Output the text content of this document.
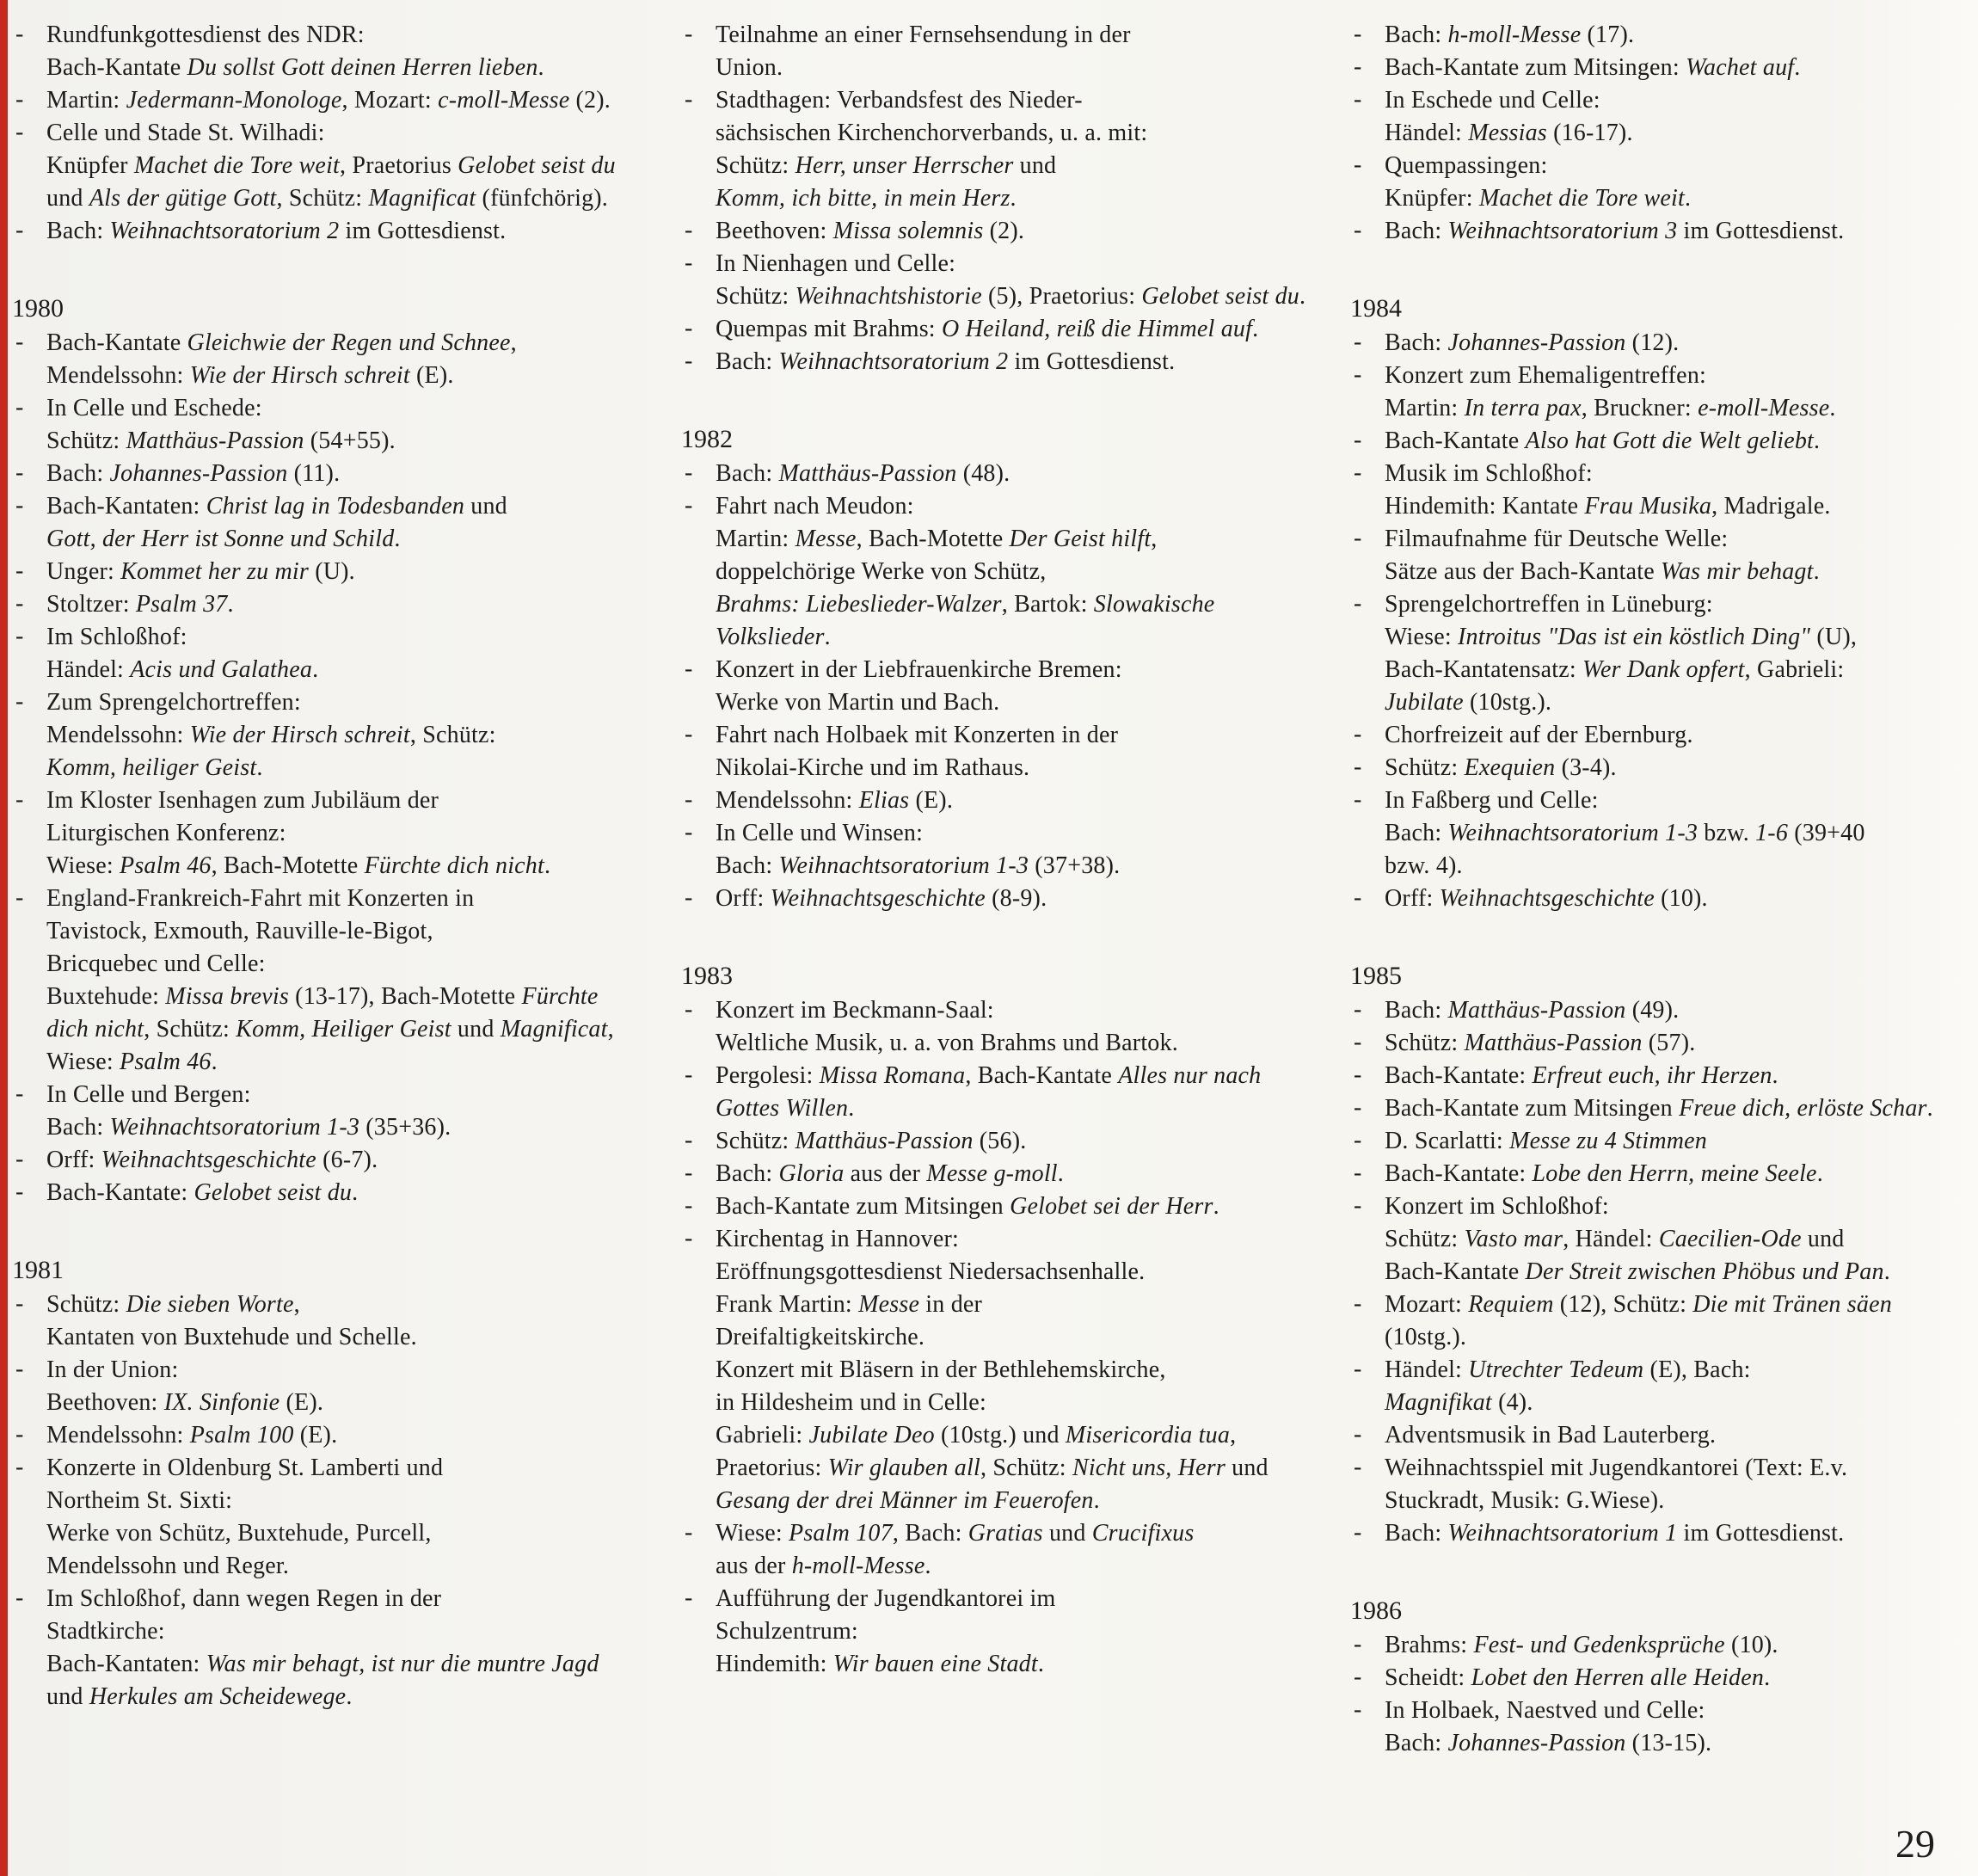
- Rundfunkgottesdienst des NDR:
Bach-Kantate Du sollst Gott deinen Herren lieben.
- Martin: Jedermann-Monologe, Mozart: c-moll-Messe (2).
- Celle und Stade St. Wilhadi:
Knüpfer Machet die Tore weit, Praetorius Gelobet seist du und Als der gütige Gott, Schütz: Magnificat (fünfchörig).
- Bach: Weihnachtsoratorium 2 im Gottesdienst.
1980
- Bach-Kantate Gleichwie der Regen und Schnee, Mendelssohn: Wie der Hirsch schreit (E).
- In Celle und Eschede:
Schütz: Matthäus-Passion (54+55).
- Bach: Johannes-Passion (11).
- Bach-Kantaten: Christ lag in Todesbanden und
Gott, der Herr ist Sonne und Schild.
- Unger: Kommet her zu mir (U).
- Stoltzer: Psalm 37.
- Im Schloßhof:
Händel: Acis und Galathea.
- Zum Sprengelchortreffen:
Mendelssohn: Wie der Hirsch schreit, Schütz:
Komm, heiliger Geist.
- Im Kloster Isenhagen zum Jubiläum der
Liturgischen Konferenz:
Wiese: Psalm 46, Bach-Motette Fürchte dich nicht.
- England-Frankreich-Fahrt mit Konzerten in
Tavistock, Exmouth, Rauville-le-Bigot,
Bricquebec und Celle:
Buxtehude: Missa brevis (13-17), Bach-Motette Fürchte dich nicht, Schütz: Komm, Heiliger Geist und Magnificat, Wiese: Psalm 46.
- In Celle und Bergen:
Bach: Weihnachtsoratorium 1-3 (35+36).
- Orff: Weihnachtsgeschichte (6-7).
- Bach-Kantate: Gelobet seist du.
1981
- Schütz: Die sieben Worte,
Kantaten von Buxtehude und Schelle.
- In der Union:
Beethoven: IX. Sinfonie (E).
- Mendelssohn: Psalm 100 (E).
- Konzerte in Oldenburg St. Lamberti und
Northeim St. Sixti:
Werke von Schütz, Buxtehude, Purcell,
Mendelssohn und Reger.
- Im Schloßhof, dann wegen Regen in der
Stadtkirche:
Bach-Kantaten: Was mir behagt, ist nur die muntre Jagd und Herkules am Scheidewege.
- Teilnahme an einer Fernsehsendung in der
Union.
- Stadthagen: Verbandsfest des Nieder-
sächsischen Kirchenchorverbands, u. a. mit:
Schütz: Herr, unser Herrscher und
Komm, ich bitte, in mein Herz.
- Beethoven: Missa solemnis (2).
- In Nienhagen und Celle:
Schütz: Weihnachtshistorie (5), Praetorius: Gelobet seist du.
- Quempas mit Brahms: O Heiland, reiß die Himmel auf.
- Bach: Weihnachtsoratorium 2 im Gottesdienst.
1982
- Bach: Matthäus-Passion (48).
- Fahrt nach Meudon:
Martin: Messe, Bach-Motette Der Geist hilft,
doppelchörige Werke von Schütz,
Brahms: Liebeslieder-Walzer, Bartok: Slowakische Volkslieder.
- Konzert in der Liebfrauenkirche Bremen:
Werke von Martin und Bach.
- Fahrt nach Holbaek mit Konzerten in der
Nikolai-Kirche und im Rathaus.
- Mendelssohn: Elias (E).
- In Celle und Winsen:
Bach: Weihnachtsoratorium 1-3 (37+38).
- Orff: Weihnachtsgeschichte (8-9).
1983
- Konzert im Beckmann-Saal:
Weltliche Musik, u. a. von Brahms und Bartok.
- Pergolesi: Missa Romana, Bach-Kantate Alles nur nach Gottes Willen.
- Schütz: Matthäus-Passion (56).
- Bach: Gloria aus der Messe g-moll.
- Bach-Kantate zum Mitsingen Gelobet sei der Herr.
- Kirchentag in Hannover:
Eröffnungsgottesdienst Niedersachsenhalle.
Frank Martin: Messe in der
Dreifaltigkeitskirche.
Konzert mit Bläsern in der Bethlehemskirche,
in Hildesheim und in Celle:
Gabrieli: Jubilate Deo (10stg.) und Misericordia tua, Praetorius: Wir glauben all, Schütz: Nicht uns, Herr und Gesang der drei Männer im Feuerofen.
- Wiese: Psalm 107, Bach: Gratias und Crucifixus
aus der h-moll-Messe.
- Aufführung der Jugendkantorei im
Schulzentrum:
Hindemith: Wir bauen eine Stadt.
- Bach: h-moll-Messe (17).
- Bach-Kantate zum Mitsingen: Wachet auf.
- In Eschede und Celle:
Händel: Messias (16-17).
- Quempassingen:
Knüpfer: Machet die Tore weit.
- Bach: Weihnachtsoratorium 3 im Gottesdienst.
1984
- Bach: Johannes-Passion (12).
- Konzert zum Ehemaligentreffen:
Martin: In terra pax, Bruckner: e-moll-Messe.
- Bach-Kantate Also hat Gott die Welt geliebt.
- Musik im Schloßhof:
Hindemith: Kantate Frau Musika, Madrigale.
- Filmaufnahme für Deutsche Welle:
Sätze aus der Bach-Kantate Was mir behagt.
- Sprengelchortreffen in Lüneburg:
Wiese: Introitus "Das ist ein köstlich Ding" (U),
Bach-Kantatensatz: Wer Dank opfert, Gabrieli:
Jubilate (10stg.).
- Chorfreizeit auf der Ebernburg.
- Schütz: Exequien (3-4).
- In Faßberg und Celle:
Bach: Weihnachtsoratorium 1-3 bzw. 1-6 (39+40
bzw. 4).
- Orff: Weihnachtsgeschichte (10).
1985
- Bach: Matthäus-Passion (49).
- Schütz: Matthäus-Passion (57).
- Bach-Kantate: Erfreut euch, ihr Herzen.
- Bach-Kantate zum Mitsingen Freue dich, erlöste Schar.
- D. Scarlatti: Messe zu 4 Stimmen
- Bach-Kantate: Lobe den Herrn, meine Seele.
- Konzert im Schloßhof:
Schütz: Vasto mar, Händel: Caecilien-Ode und
Bach-Kantate Der Streit zwischen Phöbus und Pan.
- Mozart: Requiem (12), Schütz: Die mit Tränen säen
(10stg.).
- Händel: Utrechter Tedeum (E), Bach:
Magnifikat (4).
- Adventsmusik in Bad Lauterberg.
- Weihnachtsspiel mit Jugendkantorei (Text: E.v.
Stuckradt, Musik: G.Wiese).
- Bach: Weihnachtsoratorium 1 im Gottesdienst.
1986
- Brahms: Fest- und Gedenksprüche (10).
- Scheidt: Lobet den Herren alle Heiden.
- In Holbaek, Naestved und Celle:
Bach: Johannes-Passion (13-15).
29
